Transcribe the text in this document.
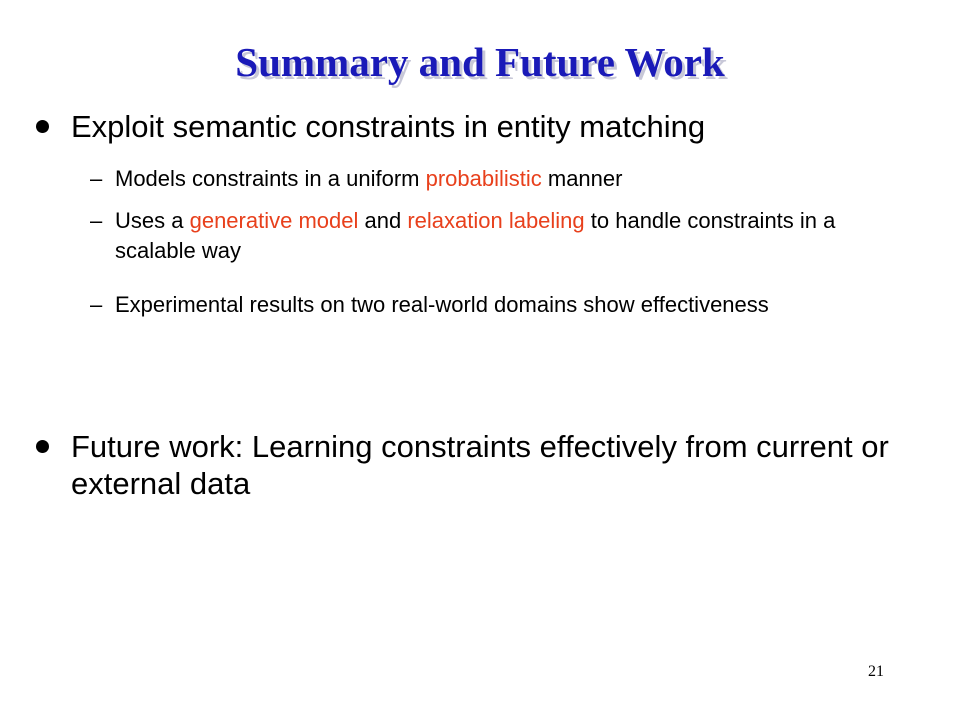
Summary and Future Work
Exploit semantic constraints in entity matching
– Models constraints in a uniform probabilistic manner
– Uses a generative model and relaxation labeling to handle constraints in a scalable way
– Experimental results on two real-world domains show effectiveness
Future work: Learning constraints effectively from current or external data
21
